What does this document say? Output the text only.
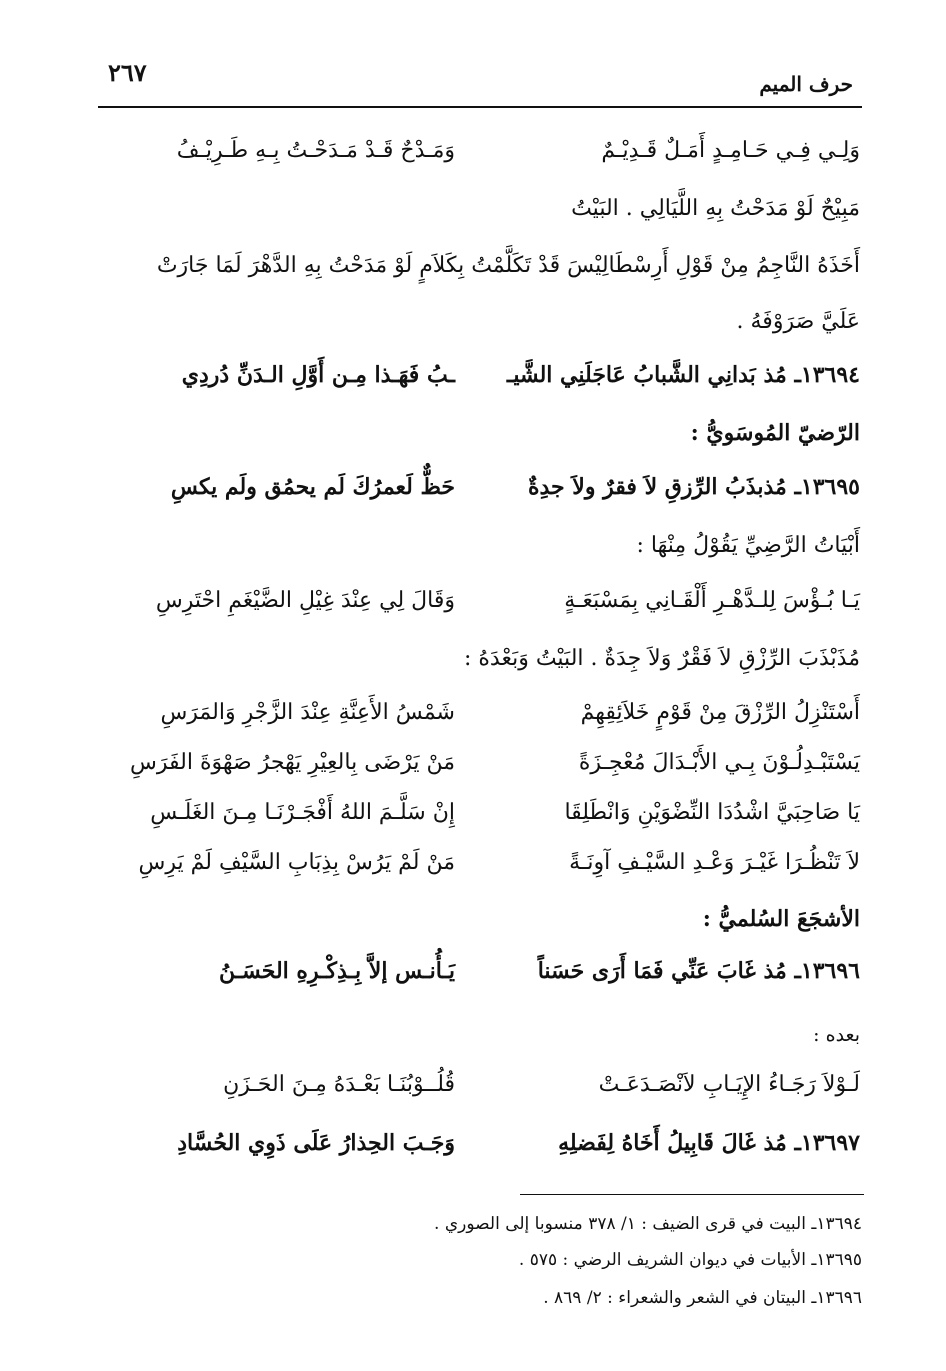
حرف الميم
٢٦٧
وَلِـي فِـي حَـامِـدٍ أَمَـلٌ قَـدِيْـمٌ
وَمَـدْحٌ قَـدْ مَـدَحْـتُ بِـهِ طَـرِيْـفُ
مَبِيْحٌ لَوْ مَدَحْتُ بِهِ اللَّيَالِي . البَيْتُ
أَخَذَهُ النَّاجِمُ مِنْ قَوْلِ أَرِسْطَالِيْسَ قَدْ تَكَلَّمْتُ بِكَلاَمٍ لَوْ مَدَحْتُ بِهِ الدَّهْرَ لَمَا جَارَتْ
عَلَيَّ صَرَوْفَهُ .
١٣٦٩٤ـ مُذ بَدانِي الشَّبابُ عَاجَلَنِي الشَّيـ
ـبُ فَهَـذا مِـن أَوَّلِ الـدَنِّ دُردِي
الرّضيّ المُوسَويُّ :
١٣٦٩٥ـ مُذبذَبُ الرِّزقِ لاَ فقرٌ ولاَ جدِةٌ
حَظٌّ لَعمرُكَ لَم يحمُق ولَم يكسِ
أَبْيَاتُ الرَّضِيِّ يَقُوْلُ مِنْهَا :
يَـا بُـؤْسَ لِلـدَّهْـرِ أَلْقَـانِي بِمَسْبَعَـةٍ
وَقَالَ لِي عِنْدَ غِيْلِ الضَّيْغَمِ احْتَرِسِ
مُذَبْذَبَ الرِّزْقِ لاَ فَقْرٌ وَلاَ جِدَةٌ . البَيْتُ وَبَعْدَهُ :
أَسْتَنْزِلُ الرِّزْقَ مِنْ قَوْمٍ خَلاَئِقِهِمْ
شَمْسُ الأَعِنَّةِ عِنْدَ الزَّجْرِ وَالمَرَسِ
يَسْتَبْـدِلُـوْنَ بِـي الأَبْـدَالَ مُعْجِـزَةً
مَنْ يَرْضَى بِالعِيْرِ يَهْجرُ صَهْوَةَ الفَرَسِ
يَا صَاحِبَيَّ اشْدُدَا النِّضْوَيْنِ وَانْطَلِقَا
إِنْ سَلَّـمَ اللهُ أَفْجَـرْنَـا مِـنَ الغَلَـسِ
لاَ تَنْظُـرَا غَيْـرَ وَعْـدِ السَّيْـفِ آوِنَـةً
مَنْ لَمْ يَرُسْ بِذِبَابِ السَّيْفِ لَمْ يَرِسِ
الأشجَعَ السُلميُّ :
١٣٦٩٦ـ مُذ غَابَ عَنِّي فَمَا أَرَى حَسَناً
يَـأُنـس إلاَّ بِـذِكْـرِهِ الحَسَـنُ
بعده :
لَـوْلاَ رَجَـاءُ الإِيَـابِ لاَنْصَـدَعَـتْ
قُلُــوْبُنَـا بَعْـدَهُ مِـنَ الحَـزَنِ
١٣٦٩٧ـ مُذ غَالَ قَابِيلُ أَخَاهُ لِفَضلِهِ
وَجَـبَ الحِذارُ عَلَى ذَوِي الحُسَّادِ
١٣٦٩٤ـ البيت في قرى الضيف : ١/ ٣٧٨ منسوبا إلى الصوري .
١٣٦٩٥ـ الأبيات في ديوان الشريف الرضي : ٥٧٥ .
١٣٦٩٦ـ البيتان في الشعر والشعراء : ٢/ ٨٦٩ .
